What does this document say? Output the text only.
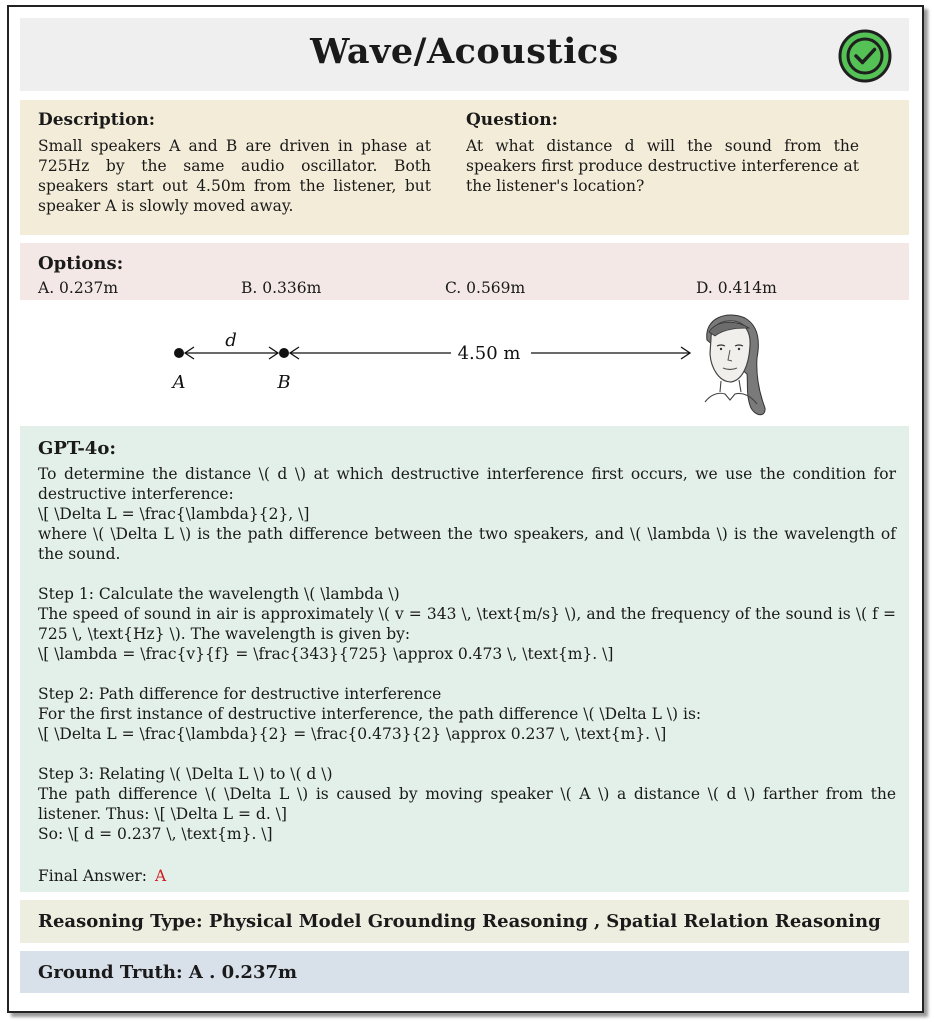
Wave/Acoustics
Description:
Small speakers A and B are driven in phase at 725Hz by the same audio oscillator. Both speakers start out 4.50m from the listener, but speaker A is slowly moved away.
Question:
At what distance d will the sound from the speakers first produce destructive interference at the listener's location?
Options:
A. 0.237m	B. 0.336m	C. 0.569m	D. 0.414m
d
A	B
4.50 m
GPT-4o:

To determine the distance \( d \) at which destructive interference first occurs, we use the condition for destructive interference:

\[ \Delta L = \frac{\lambda}{2}, \]

where \( \Delta L \) is the path difference between the two speakers, and \( \lambda \) is the wavelength of the sound.

Step 1: Calculate the wavelength \( \lambda \)

The speed of sound in air is approximately \( v = 343 \, \text{m/s} \), and the frequency of the sound is \( f = 725 \, \text{Hz} \). The wavelength is given by:

\[ \lambda = \frac{v}{f} = \frac{343}{725} \approx 0.473 \, \text{m}. \]

Step 2: Path difference for destructive interference

For the first instance of destructive interference, the path difference \( \Delta L \) is:

\[ \Delta L = \frac{\lambda}{2} = \frac{0.473}{2} \approx 0.237 \, \text{m}. \]

Step 3: Relating \( \Delta L \) to \( d \)

The path difference \( \Delta L \) is caused by moving speaker \( A \) a distance \( d \) farther from the listener. Thus: \[ \Delta L = d. \]

So: \[ d = 0.237 \, \text{m}. \]

Final Answer: A
Reasoning Type: Physical Model Grounding Reasoning , Spatial Relation Reasoning
Ground Truth: A . 0.237m
